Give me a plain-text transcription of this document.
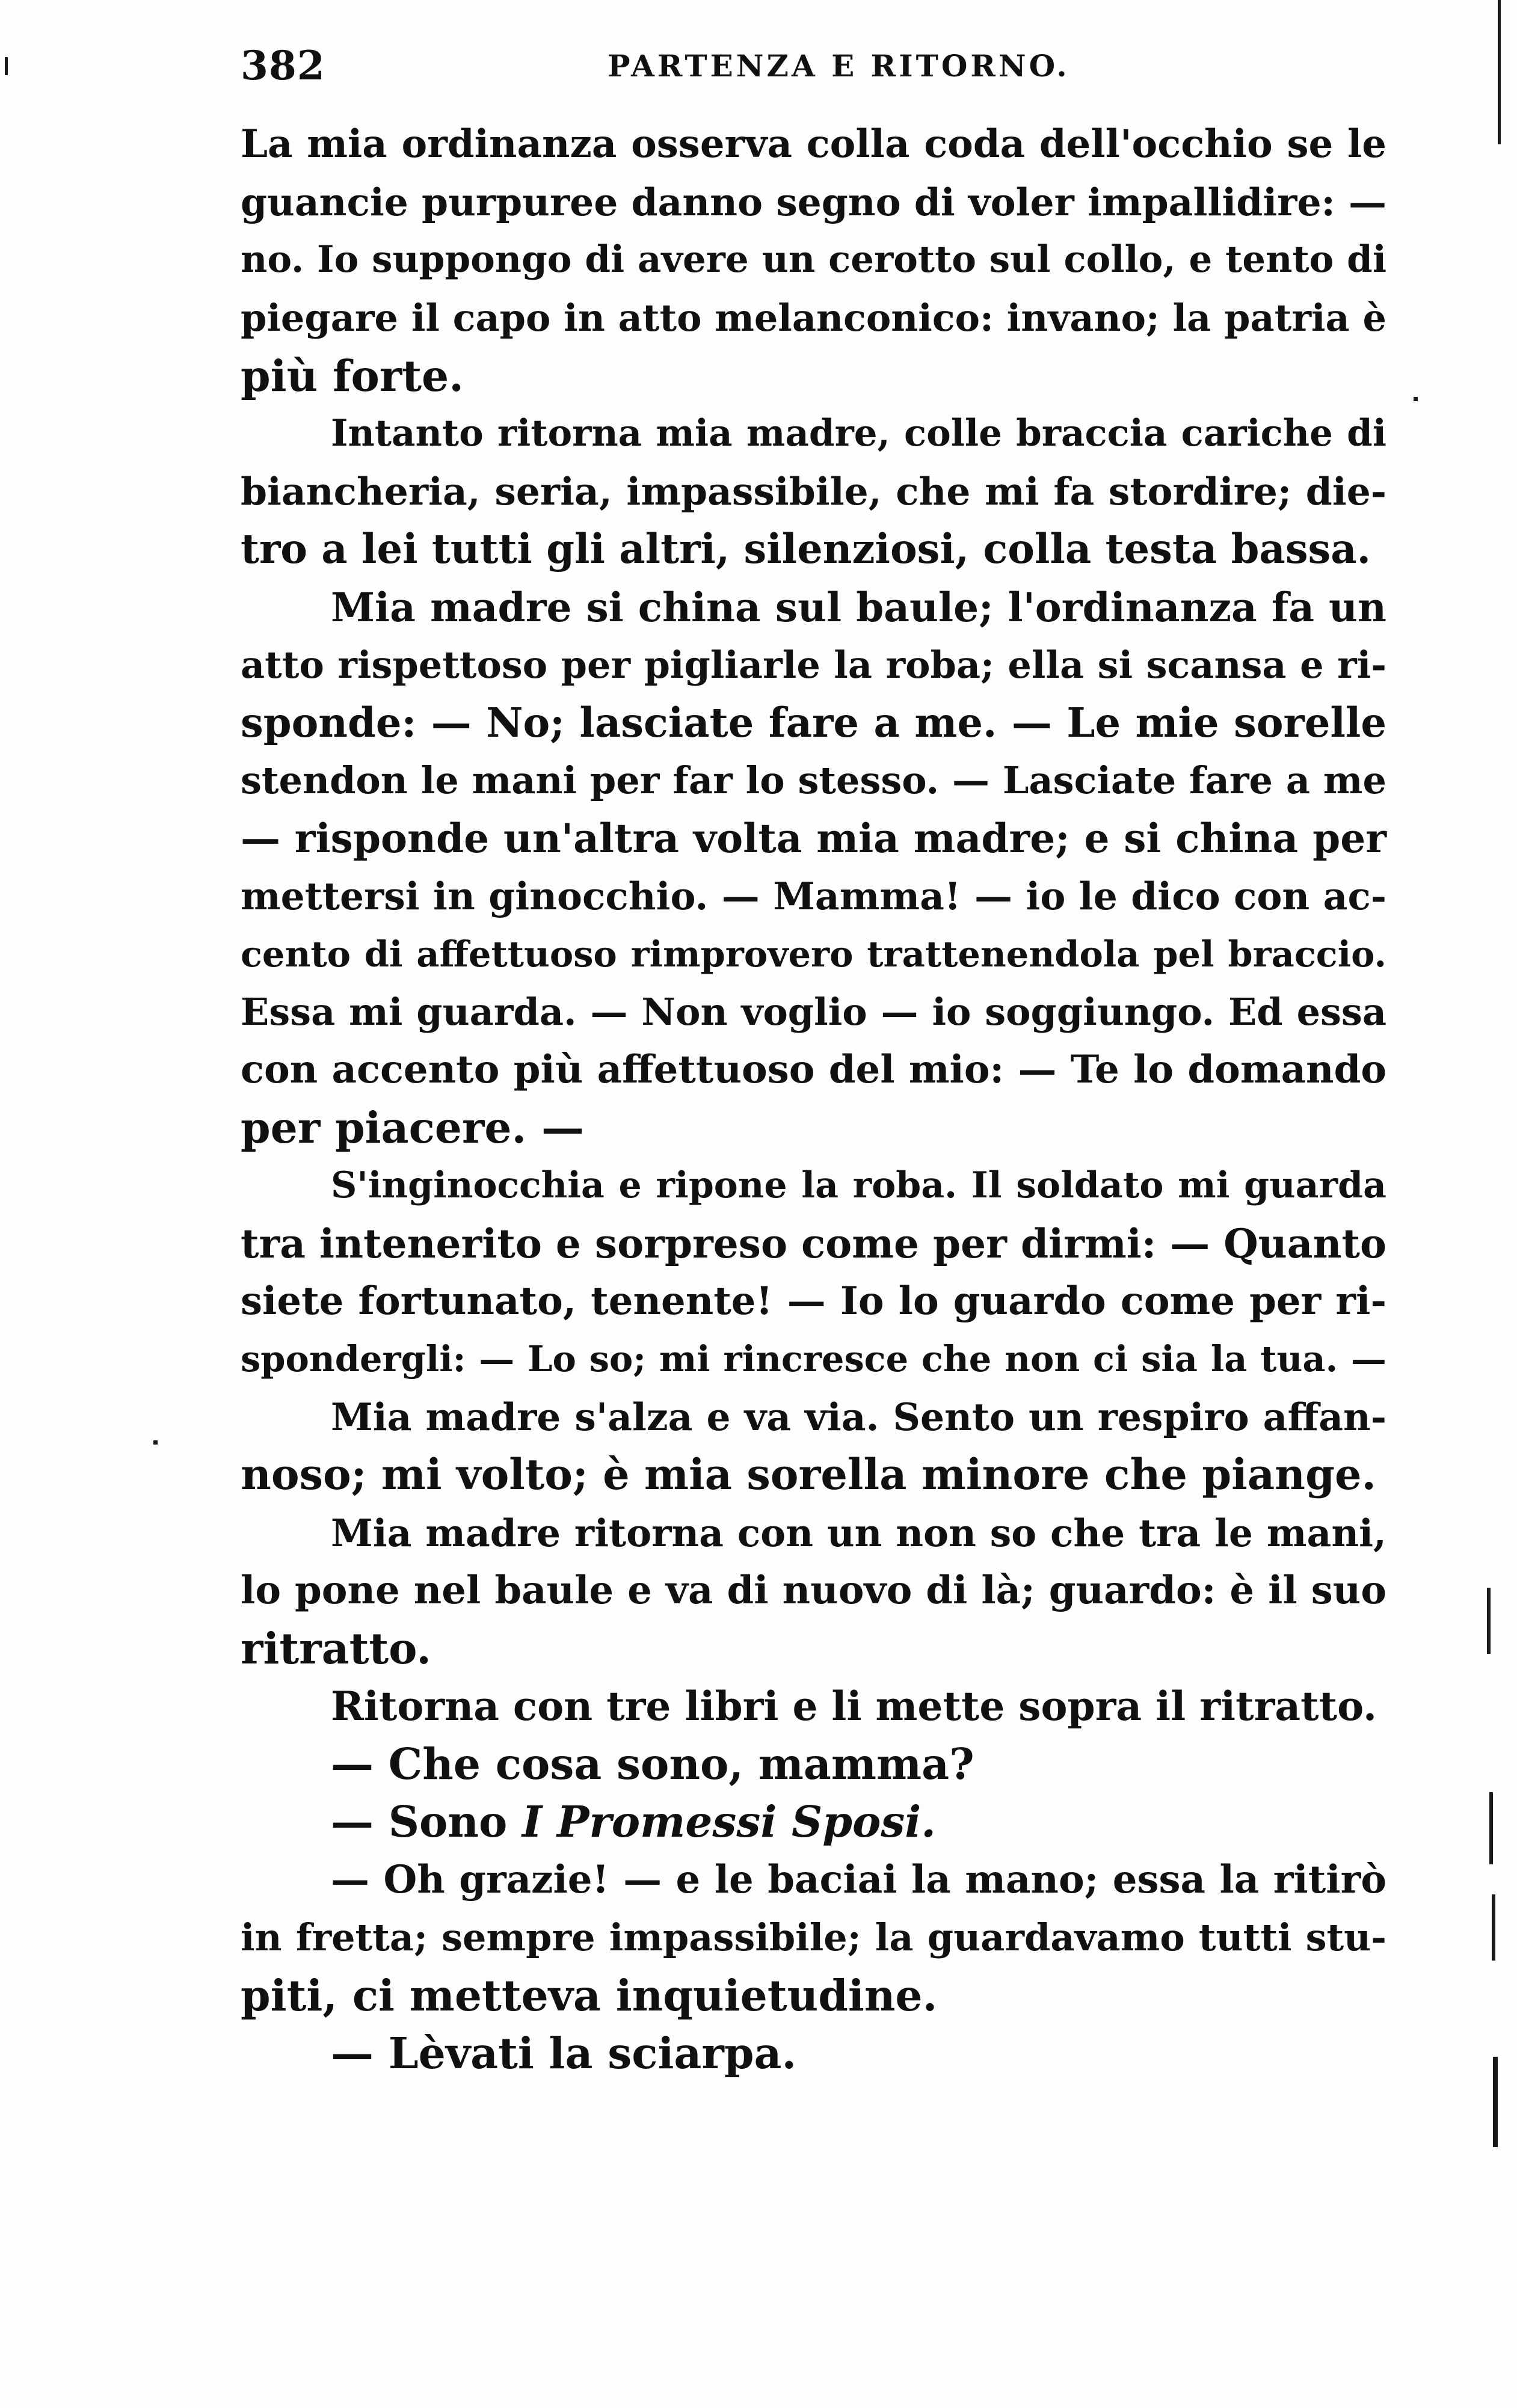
382	PARTENZA E RITORNO.
La mia ordinanza osserva colla coda dell'occhio se le
guancie purpuree danno segno di voler impallidire: —
no. Io suppongo di avere un cerotto sul collo, e tento di
piegare il capo in atto melanconico: invano; la patria è
più forte.
Intanto ritorna mia madre, colle braccia cariche di
biancheria, seria, impassibile, che mi fa stordire; die-
tro a lei tutti gli altri, silenziosi, colla testa bassa.
Mia madre si china sul baule; l'ordinanza fa un
atto rispettoso per pigliarle la roba; ella si scansa e ri-
sponde: — No; lasciate fare a me. — Le mie sorelle
stendon le mani per far lo stesso. — Lasciate fare a me
— risponde un'altra volta mia madre; e si china per
mettersi in ginocchio. — Mamma! — io le dico con ac-
cento di affettuoso rimprovero trattenendola pel braccio.
Essa mi guarda. — Non voglio — io soggiungo. Ed essa
con accento più affettuoso del mio: — Te lo domando
per piacere. —
S'inginocchia e ripone la roba. Il soldato mi guarda
tra intenerito e sorpreso come per dirmi: — Quanto
siete fortunato, tenente! — Io lo guardo come per ri-
spondergli: — Lo so; mi rincresce che non ci sia la tua. —
Mia madre s'alza e va via. Sento un respiro affan-
noso; mi volto; è mia sorella minore che piange.
Mia madre ritorna con un non so che tra le mani,
lo pone nel baule e va di nuovo di là; guardo: è il suo
ritratto.
Ritorna con tre libri e li mette sopra il ritratto.
— Che cosa sono, mamma?
— Sono I Promessi Sposi.
— Oh grazie! — e le baciai la mano; essa la ritirò
in fretta; sempre impassibile; la guardavamo tutti stu-
piti, ci metteva inquietudine.
— Lèvati la sciarpa.
